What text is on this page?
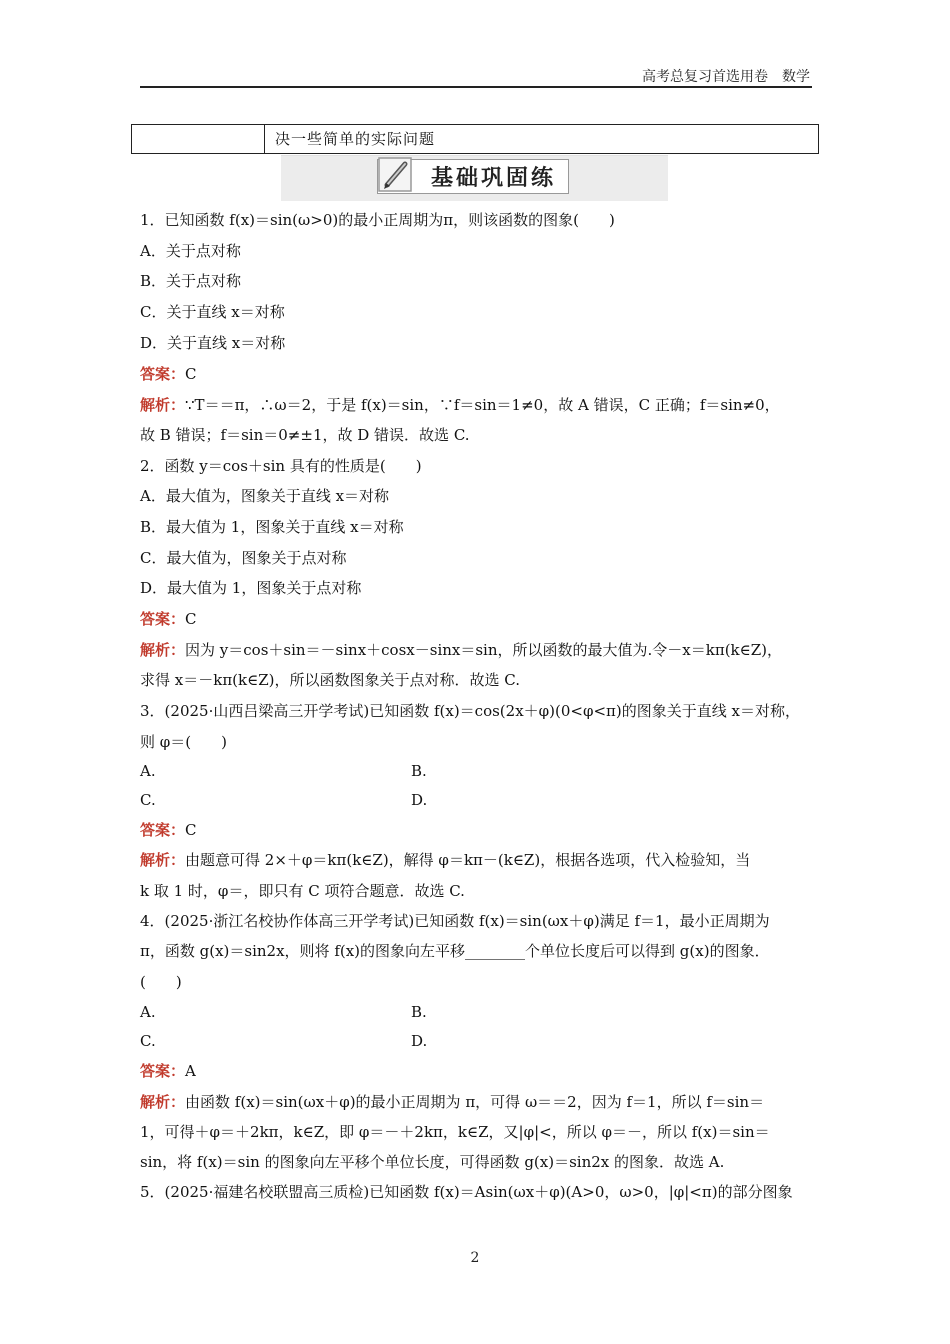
高考总复习首选用卷　数学
决一些简单的实际问题
基础巩固练
1．已知函数 f(x)＝sin(ω>0)的最小正周期为π，则该函数的图象(　　)
A．关于点对称
B．关于点对称
C．关于直线 x＝对称
D．关于直线 x＝对称
答案：C
解析：∵T＝＝π，∴ω＝2，于是 f(x)＝sin，∵f＝sin＝1≠0，故 A 错误，C 正确；f＝sin≠0，
故 B 错误；f＝sin＝0≠±1，故 D 错误．故选 C.
2．函数 y＝cos＋sin 具有的性质是(　　)
A．最大值为，图象关于直线 x＝对称
B．最大值为 1，图象关于直线 x＝对称
C．最大值为，图象关于点对称
D．最大值为 1，图象关于点对称
答案：C
解析：因为 y＝cos＋sin＝－sinx＋cosx－sinx＝sin，所以函数的最大值为.令－x＝kπ(k∈Z)，
求得 x＝－kπ(k∈Z)，所以函数图象关于点对称．故选 C.
3．(2025·山西吕梁高三开学考试)已知函数 f(x)＝cos(2x＋φ)(0<φ<π)的图象关于直线 x＝对称，
则 φ＝(　　)
A.	B.
C.	D.
答案：C
解析：由题意可得 2×＋φ＝kπ(k∈Z)，解得 φ＝kπ－(k∈Z)，根据各选项，代入检验知，当
k 取 1 时，φ＝，即只有 C 项符合题意．故选 C.
4．(2025·浙江名校协作体高三开学考试)已知函数 f(x)＝sin(ωx＋φ)满足 f＝1，最小正周期为
π，函数 g(x)＝sin2x，则将 f(x)的图象向左平移________个单位长度后可以得到 g(x)的图象．
(　　)
A.	B.
C.	D.
答案：A
解析：由函数 f(x)＝sin(ωx＋φ)的最小正周期为 π，可得 ω＝＝2，因为 f＝1，所以 f＝sin＝
1，可得＋φ＝＋2kπ，k∈Z，即 φ＝－＋2kπ，k∈Z，又|φ|<，所以 φ＝－，所以 f(x)＝sin＝
sin，将 f(x)＝sin 的图象向左平移个单位长度，可得函数 g(x)＝sin2x 的图象．故选 A.
5．(2025·福建名校联盟高三质检)已知函数 f(x)＝Asin(ωx＋φ)(A>0，ω>0，|φ|<π)的部分图象
2
